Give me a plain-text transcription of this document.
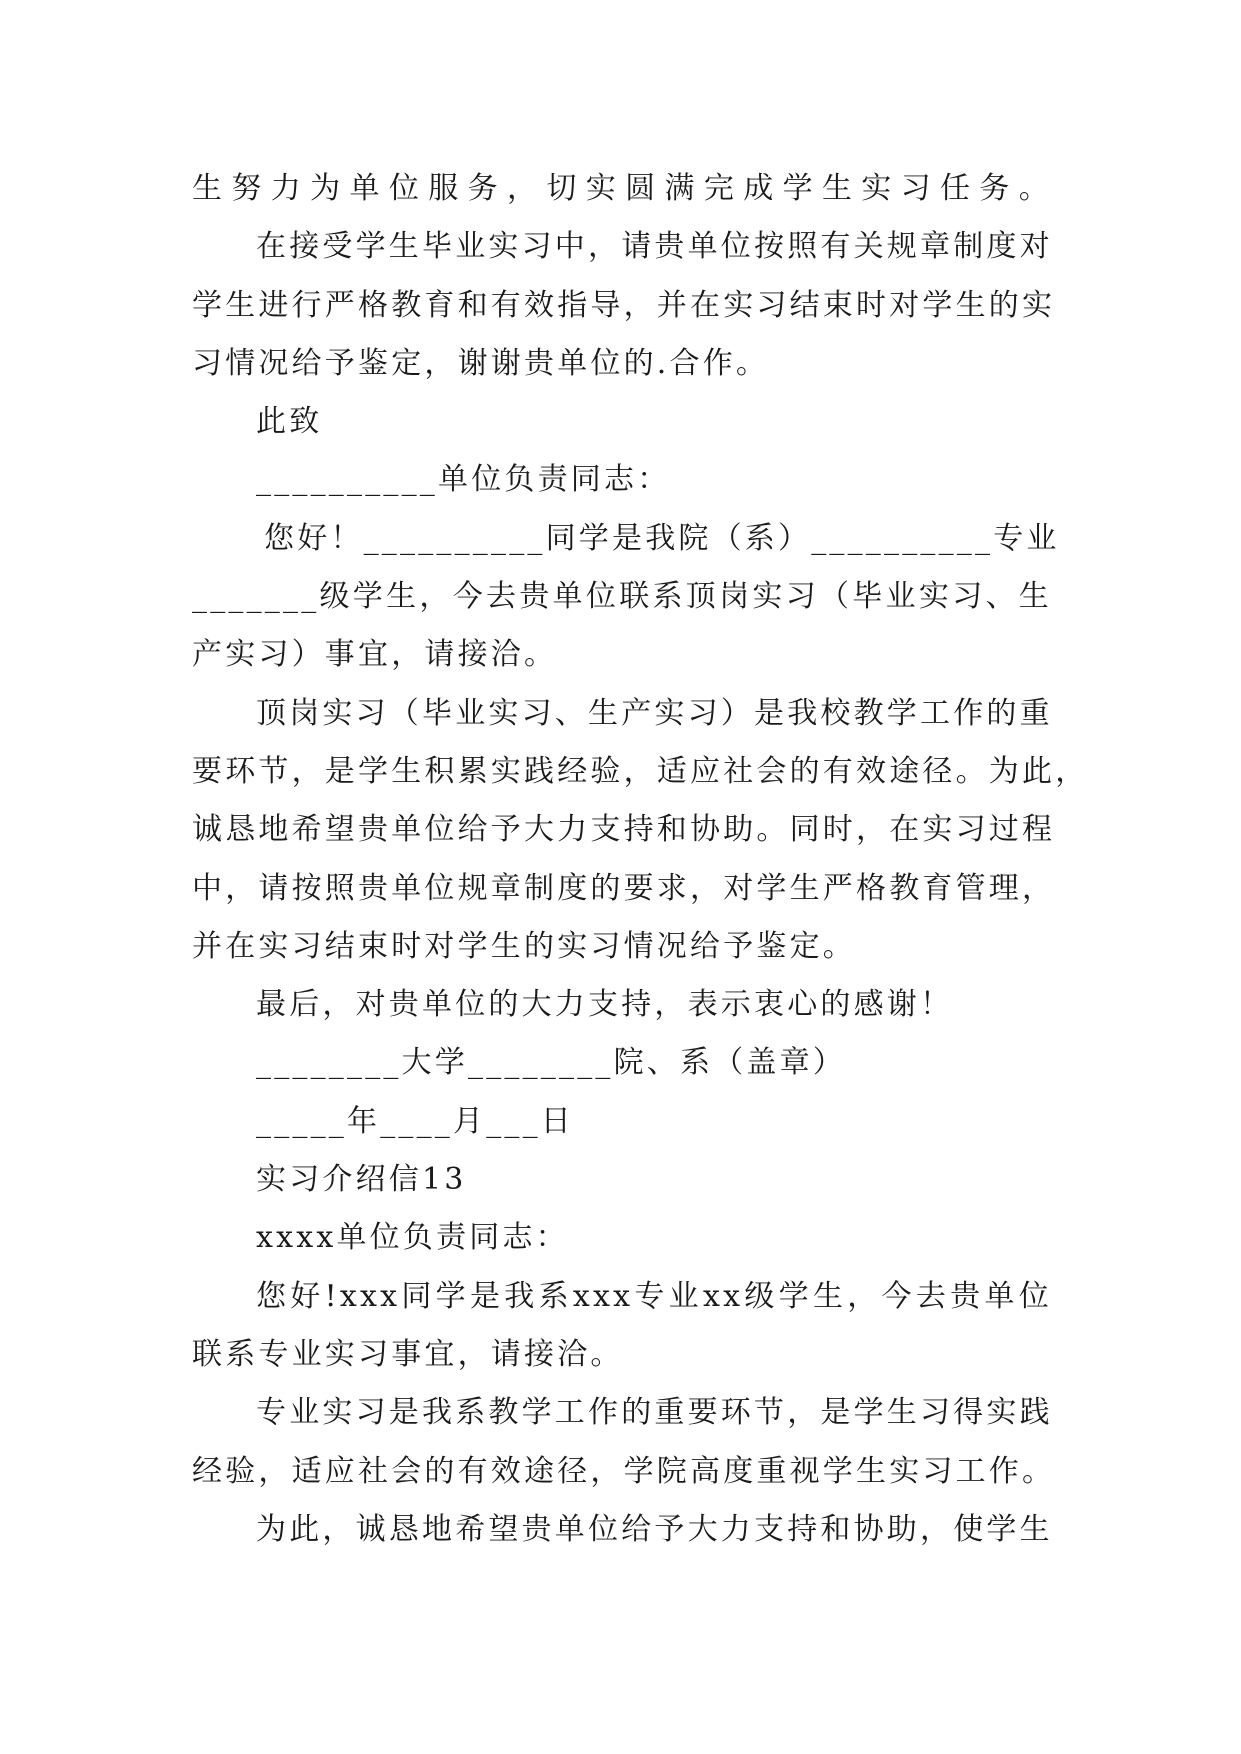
生努力为单位服务，切实圆满完成学生实习任务。
在接受学生毕业实习中，请贵单位按照有关规章制度对
学生进行严格教育和有效指导，并在实习结束时对学生的实
习情况给予鉴定，谢谢贵单位的.合作。
此致
__________单位负责同志：
您好！__________同学是我院（系）__________专业
_______级学生，今去贵单位联系顶岗实习（毕业实习、生
产实习）事宜，请接洽。
顶岗实习（毕业实习、生产实习）是我校教学工作的重
要环节，是学生积累实践经验，适应社会的有效途径。为此，
诚恳地希望贵单位给予大力支持和协助。同时，在实习过程
中，请按照贵单位规章制度的要求，对学生严格教育管理，
并在实习结束时对学生的实习情况给予鉴定。
最后，对贵单位的大力支持，表示衷心的感谢！
________大学________院、系（盖章）
_____年____月___日
实习介绍信13
xxxx单位负责同志：
您好!xxx同学是我系xxx专业xx级学生，今去贵单位
联系专业实习事宜，请接洽。
专业实习是我系教学工作的重要环节，是学生习得实践
经验，适应社会的有效途径，学院高度重视学生实习工作。
为此，诚恳地希望贵单位给予大力支持和协助，使学生
